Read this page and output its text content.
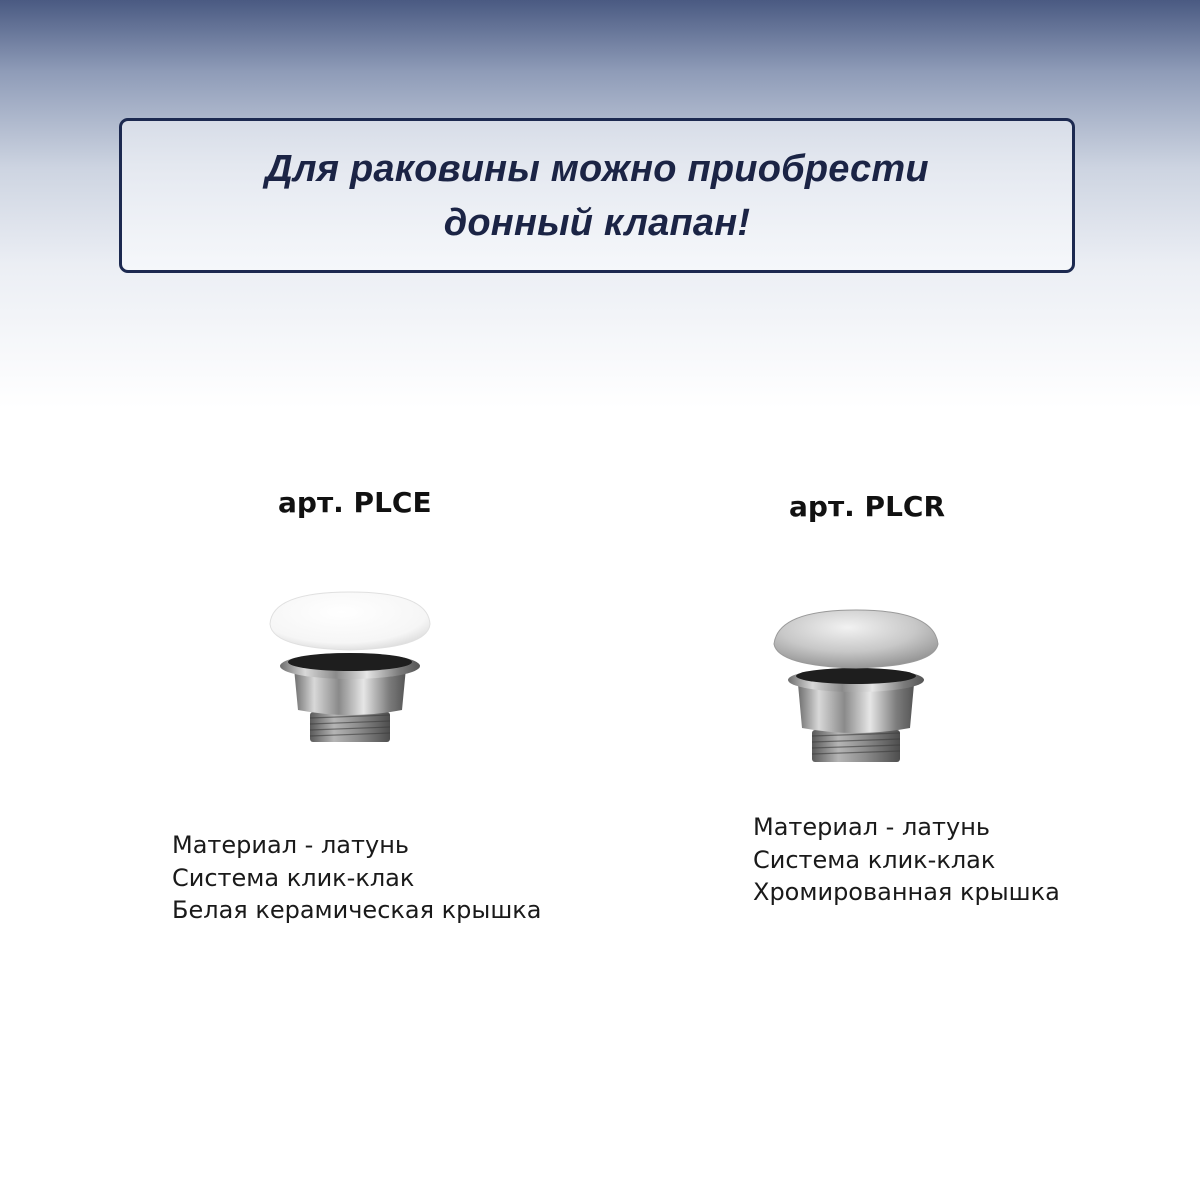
Для раковины можно приобрести
донный клапан!
арт. PLCE
Материал - латунь
Система клик-клак
Белая керамическая крышка
арт. PLCR
Материал - латунь
Система клик-клак
Хромированная крышка
